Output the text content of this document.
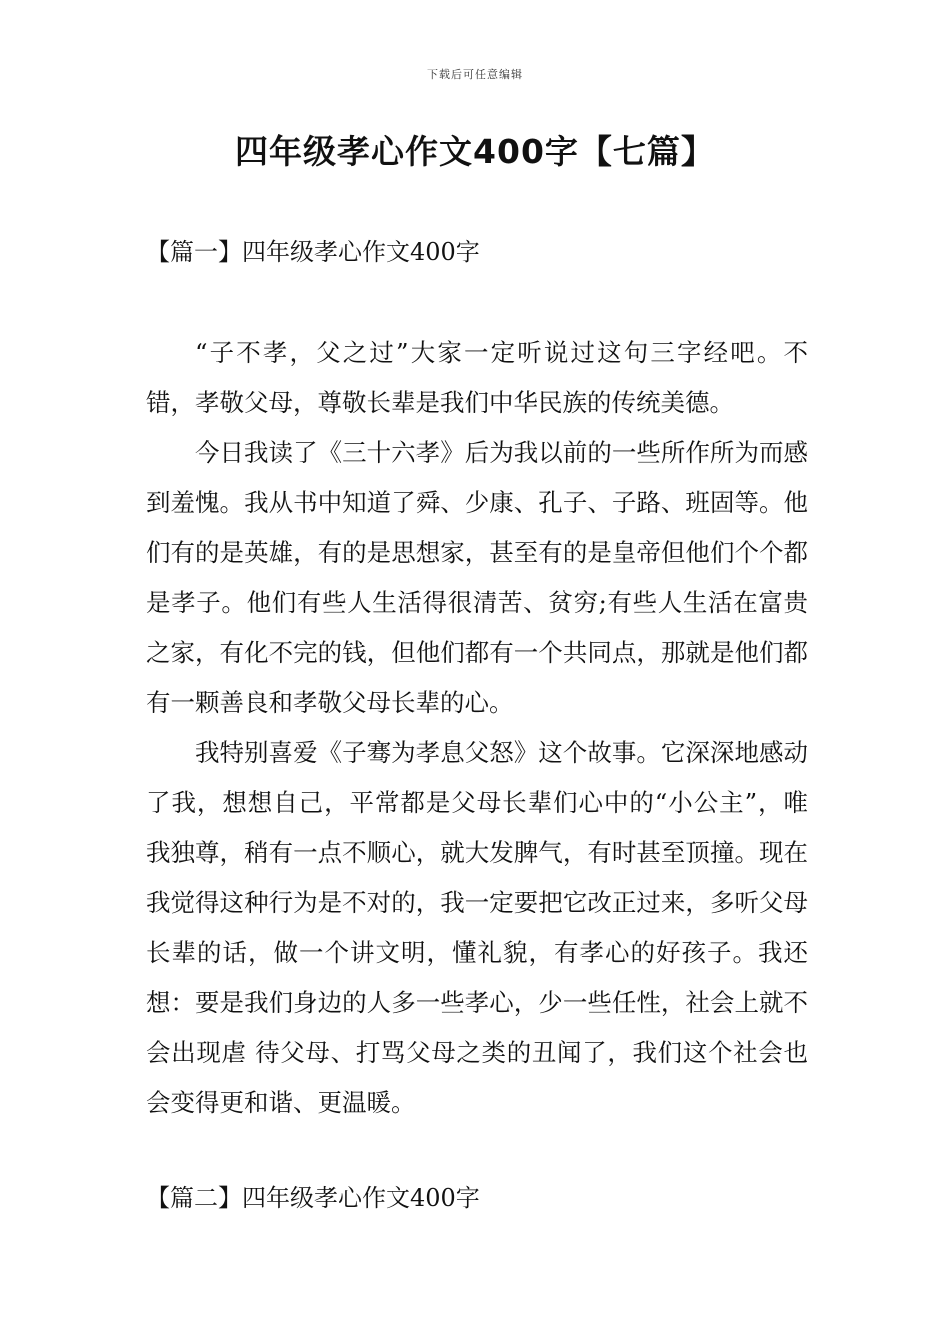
下载后可任意编辑
四年级孝心作文400字【七篇】
【篇一】四年级孝心作文400字

“子不孝，父之过”大家一定听说过这句三字经吧。不错，孝敬父母，尊敬长辈是我们中华民族的传统美德。

今日我读了《三十六孝》后为我以前的一些所作所为而感到羞愧。我从书中知道了舜、少康、孔子、子路、班固等。他们有的是英雄，有的是思想家，甚至有的是皇帝但他们个个都是孝子。他们有些人生活得很清苦、贫穷;有些人生活在富贵之家，有化不完的钱，但他们都有一个共同点，那就是他们都有一颗善良和孝敬父母长辈的心。

我特别喜爱《子骞为孝息父怒》这个故事。它深深地感动了我，想想自己，平常都是父母长辈们心中的“小公主”，唯我独尊，稍有一点不顺心，就大发脾气，有时甚至顶撞。现在我觉得这种行为是不对的，我一定要把它改正过来，多听父母长辈的话，做一个讲文明，懂礼貌，有孝心的好孩子。我还想：要是我们身边的人多一些孝心，少一些任性，社会上就不会出现虐 待父母、打骂父母之类的丑闻了，我们这个社会也会变得更和谐、更温暖。

【篇二】四年级孝心作文400字
